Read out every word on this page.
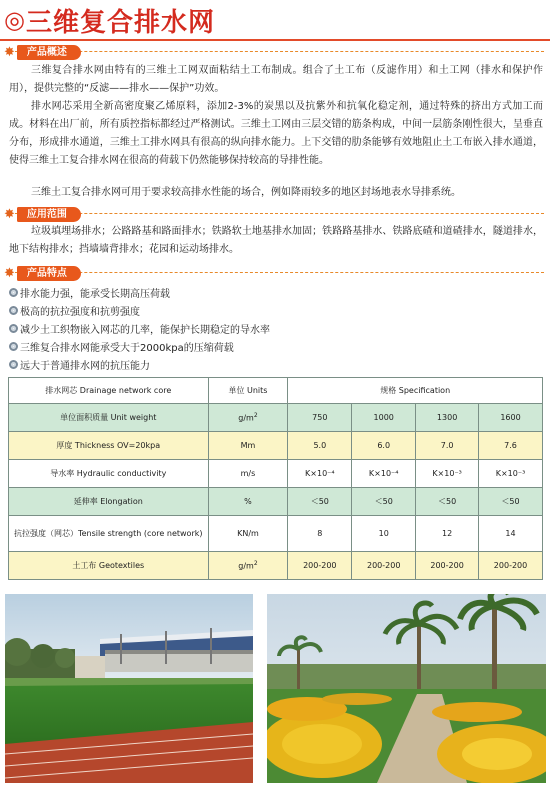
◎ 三维复合排水网
✸	产品概述
三维复合排水网由特有的三维土工网双面粘结土工布制成。组合了土工布（反滤作用）和土工网（排水和保护作用），提供完整的“反滤——排水——保护”功效。
排水网芯采用全新高密度聚乙烯原料，添加2-3%的炭黑以及抗紫外和抗氧化稳定剂，通过特殊的挤出方式加工而成。材料在出厂前，所有质控指标都经过严格测试。三维土工网由三层交错的筋条构成，中间一层筋条刚性很大，呈垂直分布，形成排水通道，三维土工排水网具有很高的纵向排水能力。上下交错的肋条能够有效地阻止土工布嵌入排水通道，使得三维土工复合排水网在很高的荷载下仍然能够保持较高的导排性能。
三维土工复合排水网可用于要求较高排水性能的场合，例如降雨较多的地区封场地表水导排系统。
✸	应用范围
垃圾填埋场排水；公路路基和路面排水；铁路软土地基排水加固；铁路路基排水、铁路底碴和道碴排水，隧道排水，地下结构排水；挡墙墙背排水；花园和运动场排水。
✸	产品特点
排水能力强，能承受长期高压荷载
极高的抗拉强度和抗剪强度
减少土工织物嵌入网芯的几率，能保护长期稳定的导水率
三维复合排水网能承受大于2000kpa的压缩荷载
远大于普通排水网的抗压能力
排水网芯 Drainage network core	单位 Units	规格 Specification			
单位面积质量 Unit weight	$g/m^2$	750	1000	1300	1600
厚度 Thickness OV=20kpa	Mm	5.0	6.0	7.0	7.6
导水率 Hydraulic conductivity	m/s	K×10⁻⁴	K×10⁻⁴	K×10⁻³	K×10⁻³
延伸率 Elongation	%	＜50	＜50	＜50	＜50
抗拉强度（网芯）Tensile strength (core network)	KN/m	8	10	12	14
土工布 Geotextiles	$g/m^2$	200-200	200-200	200-200	200-200
